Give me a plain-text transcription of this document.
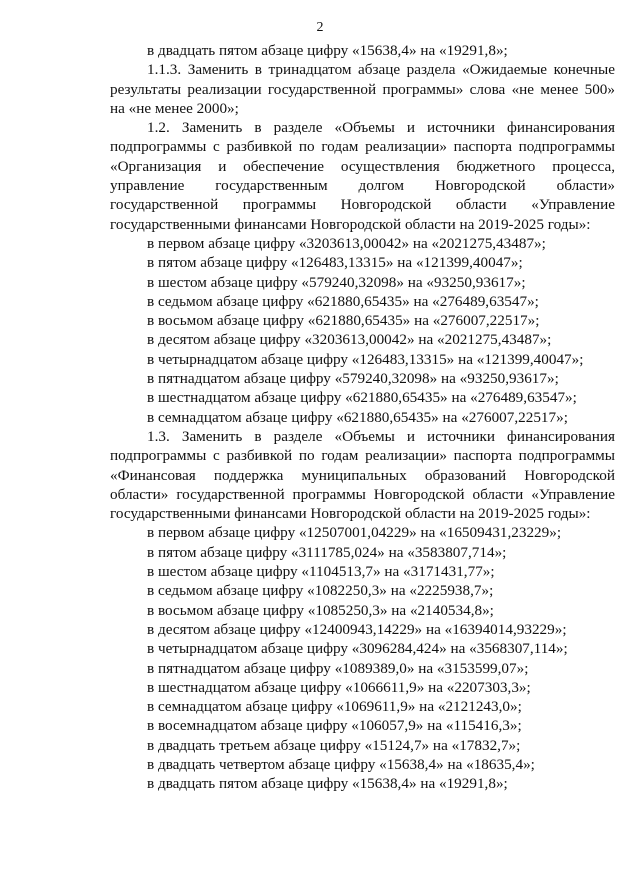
2
в двадцать пятом абзаце цифру «15638,4» на «19291,8»;
1.1.3. Заменить в тринадцатом абзаце раздела «Ожидаемые конечные
результаты реализации государственной программы» слова «не менее 500»
на «не менее 2000»;
1.2. Заменить в разделе «Объемы и источники финансирования
подпрограммы с разбивкой по годам реализации» паспорта подпрограммы
«Организация и обеспечение осуществления бюджетного процесса,
управление государственным долгом Новгородской области»
государственной программы Новгородской области «Управление
государственными финансами Новгородской области на 2019-2025 годы»:
в первом абзаце цифру «3203613,00042» на «2021275,43487»;
в пятом абзаце цифру «126483,13315» на «121399,40047»;
в шестом абзаце цифру «579240,32098» на «93250,93617»;
в седьмом абзаце цифру «621880,65435» на «276489,63547»;
в восьмом абзаце цифру «621880,65435» на «276007,22517»;
в десятом абзаце цифру «3203613,00042» на «2021275,43487»;
в четырнадцатом абзаце цифру «126483,13315» на «121399,40047»;
в пятнадцатом абзаце цифру «579240,32098» на «93250,93617»;
в шестнадцатом абзаце цифру «621880,65435» на «276489,63547»;
в семнадцатом абзаце цифру «621880,65435» на «276007,22517»;
1.3. Заменить в разделе «Объемы и источники финансирования
подпрограммы с разбивкой по годам реализации» паспорта подпрограммы
«Финансовая поддержка муниципальных образований Новгородской
области» государственной программы Новгородской области «Управление
государственными финансами Новгородской области на 2019-2025 годы»:
в первом абзаце цифру «12507001,04229» на «16509431,23229»;
в пятом абзаце цифру «3111785,024» на «3583807,714»;
в шестом абзаце цифру «1104513,7» на «3171431,77»;
в седьмом абзаце цифру «1082250,3» на «2225938,7»;
в восьмом абзаце цифру «1085250,3» на «2140534,8»;
в десятом абзаце цифру «12400943,14229» на «16394014,93229»;
в четырнадцатом абзаце цифру «3096284,424» на «3568307,114»;
в пятнадцатом абзаце цифру «1089389,0» на «3153599,07»;
в шестнадцатом абзаце цифру «1066611,9» на «2207303,3»;
в семнадцатом абзаце цифру «1069611,9» на «2121243,0»;
в восемнадцатом абзаце цифру «106057,9» на «115416,3»;
в двадцать третьем абзаце цифру «15124,7» на «17832,7»;
в двадцать четвертом абзаце цифру «15638,4» на «18635,4»;
в двадцать пятом абзаце цифру «15638,4» на «19291,8»;
